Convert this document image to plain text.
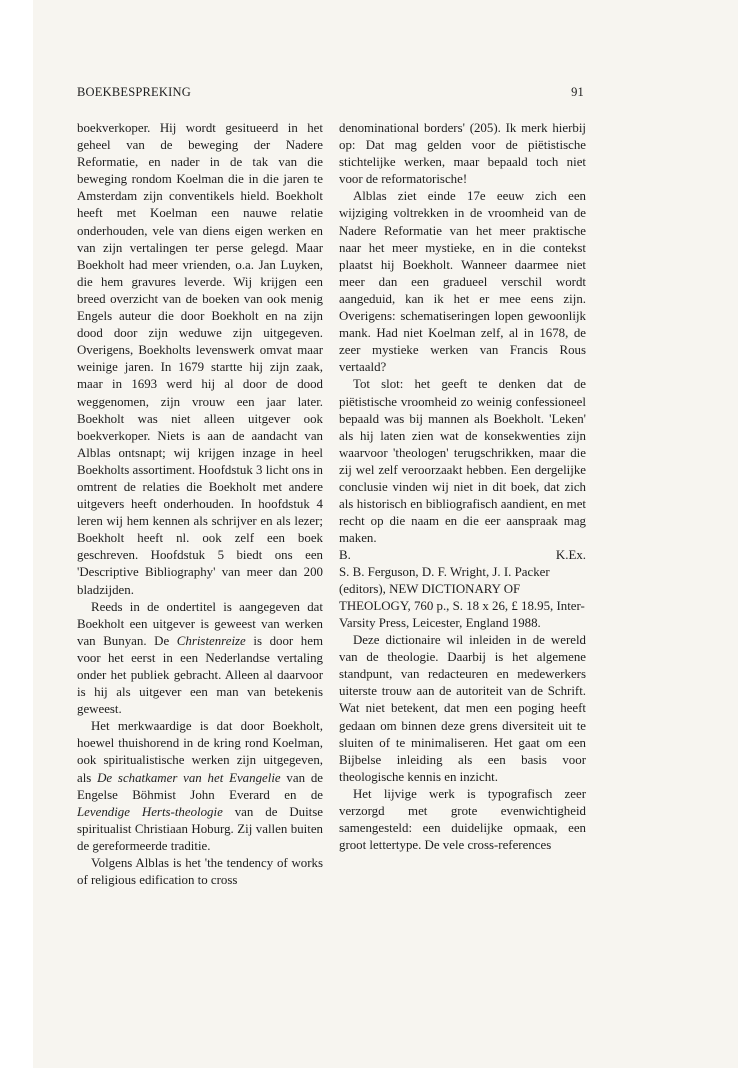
BOEKBESPREKING	91

boekverkoper. Hij wordt gesitueerd in het geheel van de beweging der Nadere Reformatie, en nader in de tak van die beweging rondom Koelman die in die jaren te Amsterdam zijn conventikels hield. Boekholt heeft met Koelman een nauwe relatie onderhouden, vele van diens eigen werken en van zijn vertalingen ter perse gelegd. Maar Boekholt had meer vrienden, o.a. Jan Luyken, die hem gravures leverde. Wij krijgen een breed overzicht van de boeken van ook menig Engels auteur die door Boekholt en na zijn dood door zijn weduwe zijn uitgegeven. Overigens, Boekholts levenswerk omvat maar weinige jaren. In 1679 startte hij zijn zaak, maar in 1693 werd hij al door de dood weggenomen, zijn vrouw een jaar later. Boekholt was niet alleen uitgever ook boekverkoper. Niets is aan de aandacht van Alblas ontsnapt; wij krijgen inzage in heel Boekholts assortiment. Hoofdstuk 3 licht ons in omtrent de relaties die Boekholt met andere uitgevers heeft onderhouden. In hoofdstuk 4 leren wij hem kennen als schrijver en als lezer; Boekholt heeft nl. ook zelf een boek geschreven. Hoofdstuk 5 biedt ons een 'Descriptive Bibliography' van meer dan 200 bladzijden.

Reeds in de ondertitel is aangegeven dat Boekholt een uitgever is geweest van werken van Bunyan. De Christenreize is door hem voor het eerst in een Nederlandse vertaling onder het publiek gebracht. Alleen al daarvoor is hij als uitgever een man van betekenis geweest.

Het merkwaardige is dat door Boekholt, hoewel thuishorend in de kring rond Koelman, ook spiritualistische werken zijn uitgegeven, als De schatkamer van het Evangelie van de Engelse Böhmist John Everard en de Levendige Herts-theologie van de Duitse spiritualist Christiaan Hoburg. Zij vallen buiten de gereformeerde traditie.

Volgens Alblas is het 'the tendency of works of religious edification to cross

denominational borders' (205). Ik merk hierbij op: Dat mag gelden voor de piëtistische stichtelijke werken, maar bepaald toch niet voor de reformatorische!

Alblas ziet einde 17e eeuw zich een wijziging voltrekken in de vroomheid van de Nadere Reformatie van het meer praktische naar het meer mystieke, en in die contekst plaatst hij Boekholt. Wanneer daarmee niet meer dan een gradueel verschil wordt aangeduid, kan ik het er mee eens zijn. Overigens: schematiseringen lopen gewoonlijk mank. Had niet Koelman zelf, al in 1678, de zeer mystieke werken van Francis Rous vertaald?

Tot slot: het geeft te denken dat de piëtistische vroomheid zo weinig confessioneel bepaald was bij mannen als Boekholt. 'Leken' als hij laten zien wat de konsekwenties zijn waarvoor 'theologen' terugschrikken, maar die zij wel zelf veroorzaakt hebben. Een dergelijke conclusie vinden wij niet in dit boek, dat zich als historisch en bibliografisch aandient, en met recht op die naam en die eer aanspraak mag maken.

B.	K.Ex.

S. B. Ferguson, D. F. Wright, J. I. Packer (editors), NEW DICTIONARY OF THEOLOGY, 760 p., S. 18 x 26, £ 18.95, Inter-Varsity Press, Leicester, England 1988.

Deze dictionaire wil inleiden in de wereld van de theologie. Daarbij is het algemene standpunt, van redacteuren en medewerkers uiterste trouw aan de autoriteit van de Schrift. Wat niet betekent, dat men een poging heeft gedaan om binnen deze grens diversiteit uit te sluiten of te minimaliseren. Het gaat om een Bijbelse inleiding als een basis voor theologische kennis en inzicht.

Het lijvige werk is typografisch zeer verzorgd met grote evenwichtigheid samengesteld: een duidelijke opmaak, een groot lettertype. De vele cross-references
